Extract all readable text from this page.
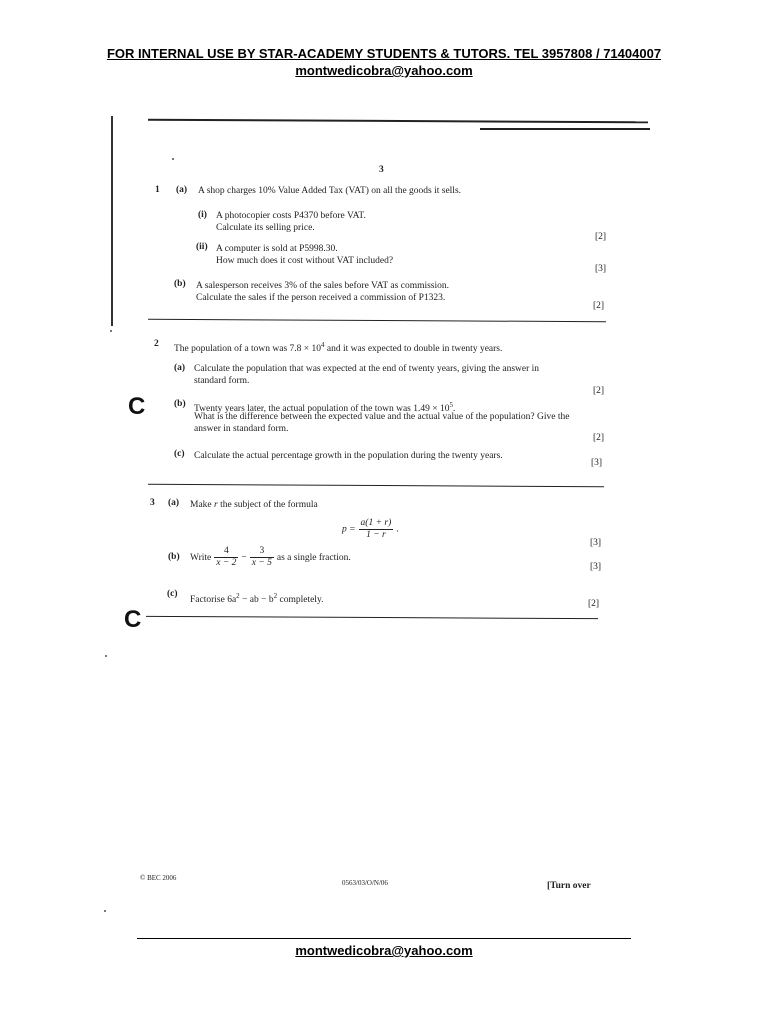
FOR INTERNAL USE BY STAR-ACADEMY STUDENTS & TUTORS. TEL 3957808 / 71404007
montwedicobra@yahoo.com
3
1 (a) A shop charges 10% Value Added Tax (VAT) on all the goods it sells.
(i) A photocopier costs P4370 before VAT.
Calculate its selling price.
[2]
(ii) A computer is sold at P5998.30.
How much does it cost without VAT included?
[3]
(b) A salesperson receives 3% of the sales before VAT as commission.
Calculate the sales if the person received a commission of P1323.
[2]
2
The population of a town was $7.8 \times 10^4$ and it was expected to double in twenty years.
(a) Calculate the population that was expected at the end of twenty years, giving the answer in
standard form.
[2]
(b)
Twenty years later, the actual population of the town was $1.49 \times 10^5$.
What is the difference between the expected value and the actual value of the population? Give the
answer in standard form.
[2]
(c) Calculate the actual percentage growth in the population during the twenty years.
[3]
3 (a) Make r the subject of the formula
$p = \frac{a(1 + r)}{1 - r}$ .
[3]
(b) Write $\frac{4}{x - 2} - \frac{3}{x - 5}$ as a single fraction.
[3]
(c)
Factorise $6a^2$ − ab − $b^2$ completely.	[2]
C
C
© BEC 2006
0563/03/O/N/06	[Turn over
montwedicobra@yahoo.com
